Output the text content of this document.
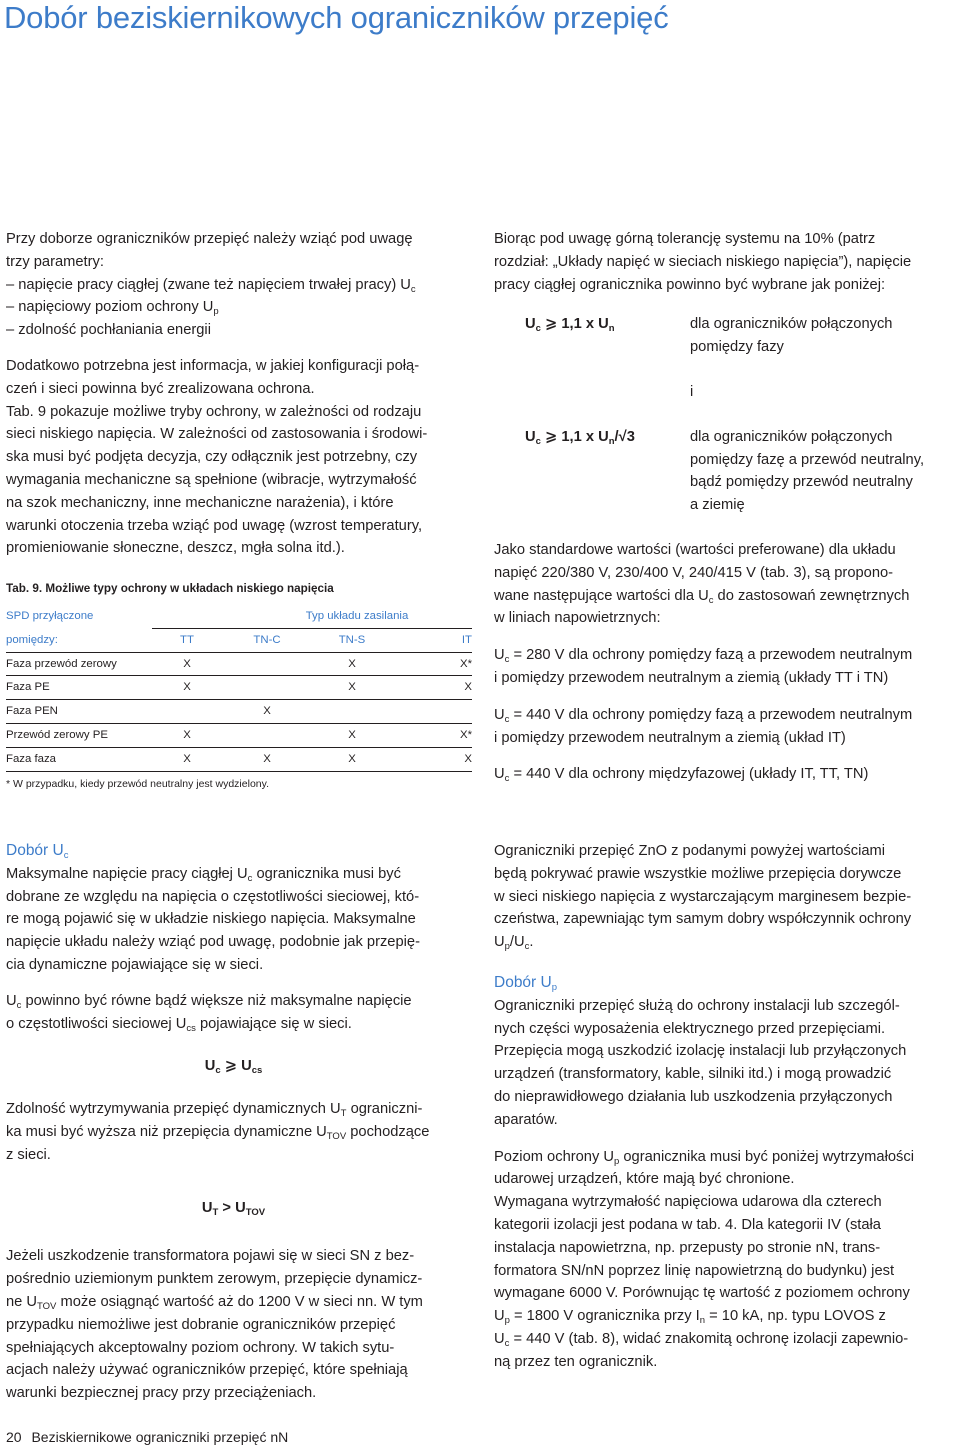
Dobór beziskiernikowych ograniczników przepięć

Przy doborze ograniczników przepięć należy wziąć pod uwagę

trzy parametry:

– napięcie pracy ciągłej (zwane też napięciem trwałej pracy) $U_c$

– napięciowy poziom ochrony $U_p$

– zdolność pochłaniania energii

Dodatkowo potrzebna jest informacja, w jakiej konfiguracji połą-

czeń i sieci powinna być zrealizowana ochrona.

Tab. 9 pokazuje możliwe tryby ochrony, w zależności od rodzaju

sieci niskiego napięcia. W zależności od zastosowania i środowi-

ska musi być podjęta decyzja, czy odłącznik jest potrzebny, czy

wymagania mechaniczne są spełnione (wibracje, wytrzymałość

na szok mechaniczny, inne mechaniczne narażenia), i które

warunki otoczenia trzeba wziąć pod uwagę (wzrost temperatury,

promieniowanie słoneczne, deszcz, mgła solna itd.).

Tab. 9. Możliwe typy ochrony w układach niskiego napięcia
SPD przyłączone	Typ układu zasilania			
pomiędzy:	TT	TN-C	TN-S	IT
Faza przewód zerowy	X		X	X*
Faza PE	X		X	X
Faza PEN		X		
Przewód zerowy PE	X		X	X*
Faza faza	X	X	X	X

* W przypadku, kiedy przewód neutralny jest wydzielony.

Dobór $U_c$

Maksymalne napięcie pracy ciągłej $U_c$ ogranicznika musi być

dobrane ze względu na napięcia o częstotliwości sieciowej, któ-

re mogą pojawić się w układzie niskiego napięcia. Maksymalne

napięcie układu należy wziąć pod uwagę, podobnie jak przepię-

cia dynamiczne pojawiające się w sieci.

$U_c$ powinno być równe bądź większe niż maksymalne napięcie

o częstotliwości sieciowej $U_{cs}$ pojawiające się w sieci.

$U_c$ ⩾ $U_{cs}$

Zdolność wytrzymywania przepięć dynamicznych $U_T$ ograniczni-

ka musi być wyższa niż przepięcia dynamiczne $U_{TOV}$ pochodzące

z sieci.

$U_T > U_{TOV}$

Jeżeli uszkodzenie transformatora pojawi się w sieci SN z bez-

pośrednio uziemionym punktem zerowym, przepięcie dynamicz-

ne $U_{TOV}$ może osiągnąć wartość aż do 1200 V w sieci nn. W tym

przypadku niemożliwe jest dobranie ograniczników przepięć

spełniających akceptowalny poziom ochrony. W takich sytu-

acjach należy używać ograniczników przepięć, które spełniają

warunki bezpiecznej pracy przy przeciążeniach.

Biorąc pod uwagę górną tolerancję systemu na 10% (patrz

rozdział: „Układy napięć w sieciach niskiego napięcia”), napięcie

pracy ciągłej ogranicznika powinno być wybrane jak poniżej:

$U_c$ ⩾ 1,1 x $U_n$	dla ograniczników połączonych

pomiędzy fazy

i

$U_c$ ⩾ 1,1 x $U_n/√3$	dla ograniczników połączonych

pomiędzy fazę a przewód neutralny,

bądź pomiędzy przewód neutralny

a ziemię

Jako standardowe wartości (wartości preferowane) dla układu

napięć 220/380 V, 230/400 V, 240/415 V (tab. 3), są propono-

wane następujące wartości dla $U_c$ do zastosowań zewnętrznych

w liniach napowietrznych:

$U_c = 280$ V dla ochrony pomiędzy fazą a przewodem neutralnym

i pomiędzy przewodem neutralnym a ziemią (układy TT i TN)

$U_c = 440$ V dla ochrony pomiędzy fazą a przewodem neutralnym

i pomiędzy przewodem neutralnym a ziemią (układ IT)

$U_c = 440$ V dla ochrony międzyfazowej (układy IT, TT, TN)

Ograniczniki przepięć ZnO z podanymi powyżej wartościami

będą pokrywać prawie wszystkie możliwe przepięcia dorywcze

w sieci niskiego napięcia z wystarczającym marginesem bezpie-

czeństwa, zapewniając tym samym dobry współczynnik ochrony

$U_p/U_c$.

Dobór $U_p$

Ograniczniki przepięć służą do ochrony instalacji lub szczegól-

nych części wyposażenia elektrycznego przed przepięciami.

Przepięcia mogą uszkodzić izolację instalacji lub przyłączonych

urządzeń (transformatory, kable, silniki itd.) i mogą prowadzić

do nieprawidłowego działania lub uszkodzenia przyłączonych

aparatów.

Poziom ochrony $U_p$ ogranicznika musi być poniżej wytrzymałości

udarowej urządzeń, które mają być chronione.

Wymagana wytrzymałość napięciowa udarowa dla czterech

kategorii izolacji jest podana w tab. 4. Dla kategorii IV (stała

instalacja napowietrzna, np. przepusty po stronie nN, trans-

formatora SN/nN poprzez linię napowietrzną do budynku) jest

wymagane 6000 V. Porównując tę wartość z poziomem ochrony

$U_p = 1800$ V ogranicznika przy $I_n = 10$ kA, np. typu LOVOS z

$U_c = 440$ V (tab. 8), widać znakomitą ochronę izolacji zapewnio-

ną przez ten ogranicznik.

20 Beziskiernikowe ograniczniki przepięć nN
